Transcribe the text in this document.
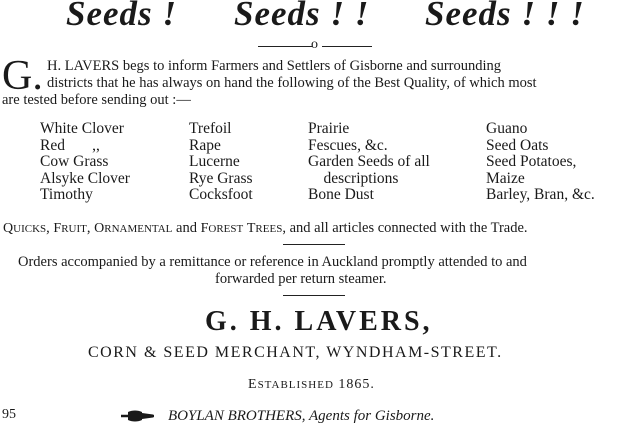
Seeds ! Seeds ! ! Seeds ! ! !
o
G. H. LAVERS begs to inform Farmers and Settlers of Gisborne and surrounding
districts that he has always on hand the following of the Best Quality, of which most
are tested before sending out :—
White Clover
Red       ,,
Cow Grass
Alsyke Clover
Timothy
Trefoil
Rape
Lucerne
Rye Grass
Cocksfoot
Prairie
Fescues, &c.
Garden Seeds of all
descriptions
Bone Dust
Guano
Seed Oats
Seed Potatoes,
Maize
Barley, Bran, &c.
QUICKS, FRUIT, ORNAMENTAL and FOREST TREES, and all articles connected with the Trade.
Orders accompanied by a remittance or reference in Auckland promptly attended to and
forwarded per return steamer.
G. H. LAVERS,
CORN & SEED MERCHANT, WYNDHAM-STREET.
ESTABLISHED 1865.
95	BOYLAN BROTHERS, Agents for Gisborne.
